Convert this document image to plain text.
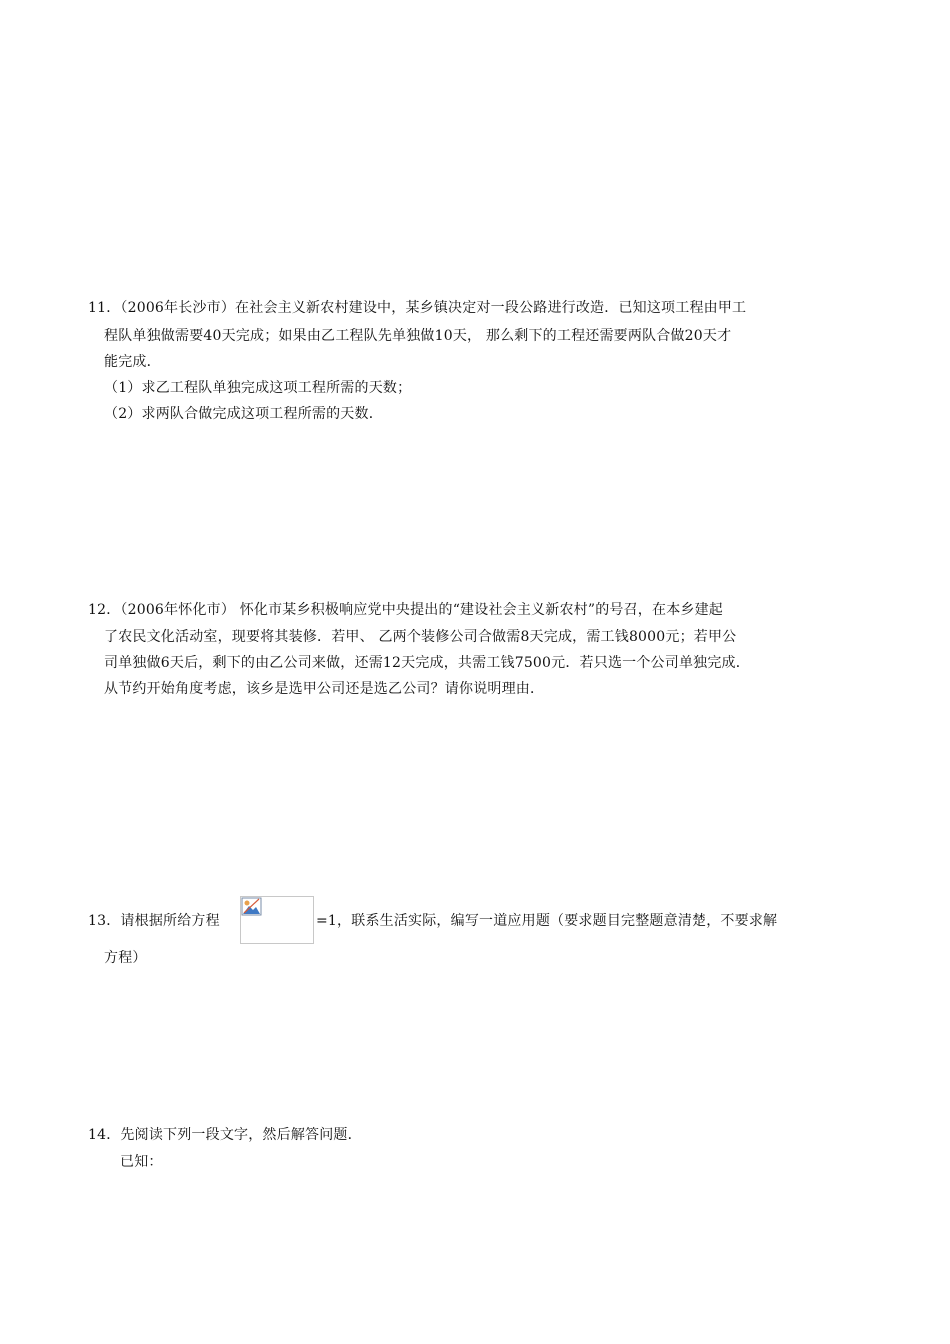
11．（2006年长沙市）在社会主义新农村建设中，某乡镇决定对一段公路进行改造．已知这项工程由甲工
程队单独做需要40天完成；如果由乙工程队先单独做10天， 那么剩下的工程还需要两队合做20天才
能完成．
（1）求乙工程队单独完成这项工程所需的天数；
（2）求两队合做完成这项工程所需的天数．
12．（2006年怀化市） 怀化市某乡积极响应党中央提出的“建设社会主义新农村”的号召，在本乡建起
了农民文化活动室，现要将其装修．若甲、 乙两个装修公司合做需8天完成，需工钱8000元；若甲公
司单独做6天后，剩下的由乙公司来做，还需12天完成，共需工钱7500元．若只选一个公司单独完成．
从节约开始角度考虑，该乡是选甲公司还是选乙公司？请你说明理由．
13．请根据所给方程	=1，联系生活实际，编写一道应用题（要求题目完整题意清楚，不要求解
方程）
14．先阅读下列一段文字，然后解答问题．
已知：
